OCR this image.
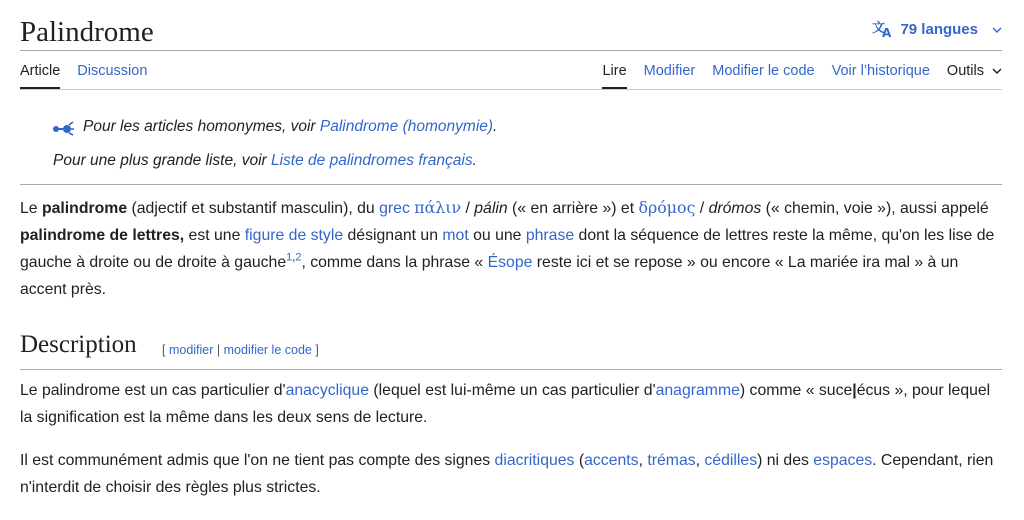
Palindrome	文
A 79 langues
Article Discussion	Lire Modifier Modifier le code Voir l’historique Outils
Pour les articles homonymes, voir Palindrome (homonymie).
Pour une plus grande liste, voir Liste de palindromes français.
Le palindrome (adjectif et substantif masculin), du grec πάλιν / pálin (« en arrière ») et δρόμος / drómos (« chemin, voie »), aussi appelé palindrome de lettres, est une figure de style désignant un mot ou une phrase dont la séquence de lettres reste la même, qu'on les lise de gauche à droite ou de droite à gauche$^{1,2}$, comme dans la phrase « Ésope reste ici et se repose » ou encore « La mariée ira mal » à un accent près.
Description [ modifier | modifier le code ]
Le palindrome est un cas particulier d'anacyclique (lequel est lui-même un cas particulier d'anagramme) comme « suce|écus », pour lequel la signification est la même dans les deux sens de lecture.
Il est communément admis que l'on ne tient pas compte des signes diacritiques (accents, trémas, cédilles) ni des espaces. Cependant, rien n'interdit de choisir des règles plus strictes.
